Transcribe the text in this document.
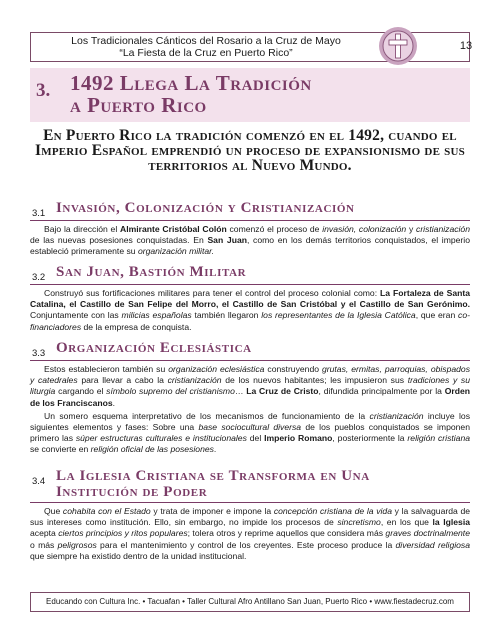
Los Tradicionales Cánticos del Rosario a la Cruz de Mayo
“La Fiesta de la Cruz en Puerto Rico”
13
3. 1492 Llega La Tradición
a Puerto Rico
En Puerto Rico la tradición comenzó en el 1492, cuando el Imperio Español emprendió un proceso de expansionismo de sus territorios al Nuevo Mundo.
3.1 Invasión, Colonización y Cristianización
Bajo la dirección el Almirante Cristóbal Colón comenzó el proceso de invasión, colonización y cristianización de las nuevas posesiones conquistadas. En San Juan, como en los demás territorios conquistados, el imperio estableció primeramente su organización militar.
3.2 San Juan, Bastión Militar
Construyó sus fortificaciones militares para tener el control del proceso colonial como: La Fortaleza de Santa Catalina, el Castillo de San Felipe del Morro, el Castillo de San Cristóbal y el Castillo de San Gerónimo. Conjuntamente con las milicias españolas también llegaron los representantes de la Iglesia Católica, que eran co-financiadores de la empresa de conquista.
3.3 Organización Eclesiástica
Estos establecieron también su organización eclesiástica construyendo grutas, ermitas, parroquias, obispados y catedrales para llevar a cabo la cristianización de los nuevos habitantes; les impusieron sus tradiciones y su liturgia cargando el símbolo supremo del cristianismo… La Cruz de Cristo, difundida principalmente por la Orden de los Franciscanos.
Un somero esquema interpretativo de los mecanismos de funcionamiento de la cristianización incluye los siguientes elementos y fases: Sobre una base sociocultural diversa de los pueblos conquistados se imponen primero las súper estructuras culturales e institucionales del Imperio Romano, posteriormente la religión cristiana se convierte en religión oficial de las posesiones.
3.4 La Iglesia Cristiana se Transforma en Una
Institución de Poder
Que cohabita con el Estado y trata de imponer e impone la concepción cristiana de la vida y la salvaguarda de sus intereses como institución. Ello, sin embargo, no impide los procesos de sincretismo, en los que la Iglesia acepta ciertos principios y ritos populares; tolera otros y reprime aquellos que considera más graves doctrinalmente o más peligrosos para el mantenimiento y control de los creyentes. Este proceso produce la diversidad religiosa que siempre ha existido dentro de la unidad institucional.
Educando con Cultura Inc. • Tacuafan • Taller Cultural Afro Antillano San Juan, Puerto Rico • www.fiestadecruz.com
